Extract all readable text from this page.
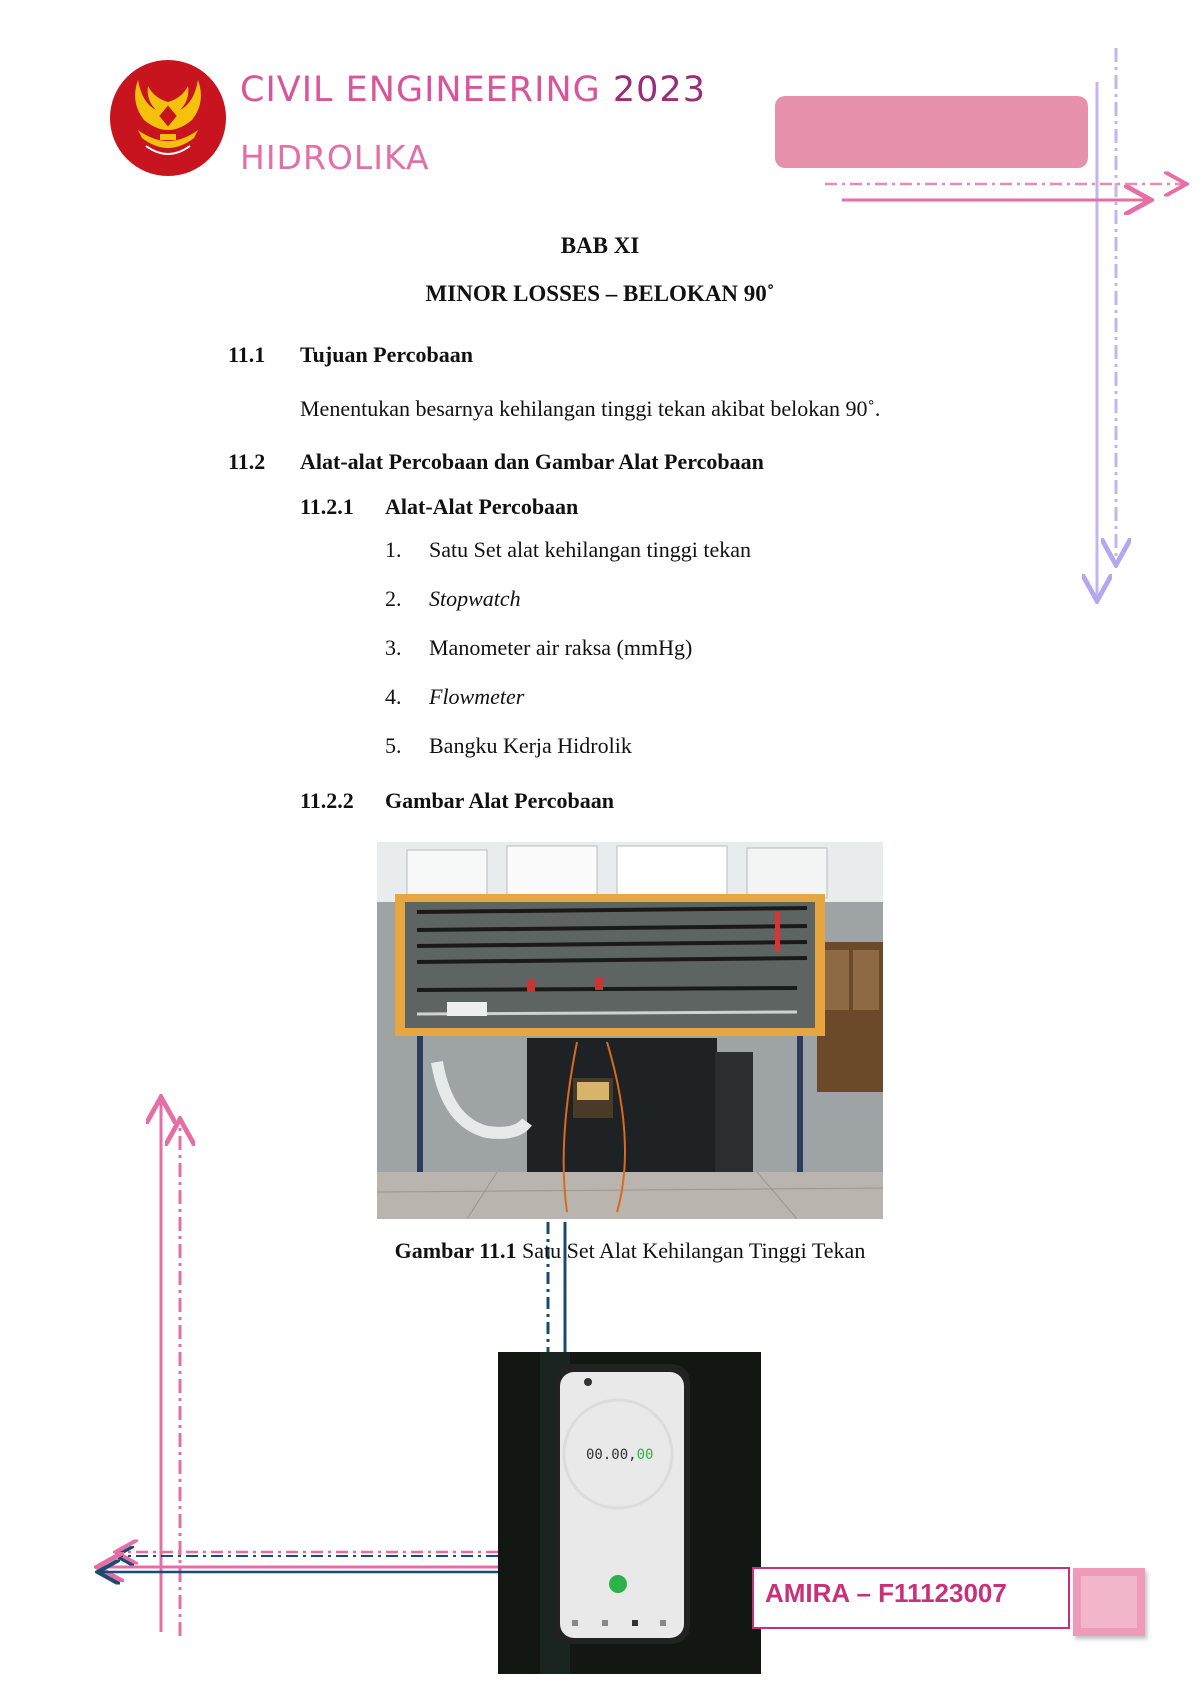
CIVIL ENGINEERING 2023
HIDROLIKA
BAB XI
MINOR LOSSES – BELOKAN 90˚
11.1 Tujuan Percobaan
Menentukan besarnya kehilangan tinggi tekan akibat belokan 90˚.
11.2 Alat-alat Percobaan dan Gambar Alat Percobaan
11.2.1 Alat-Alat Percobaan
1. Satu Set alat kehilangan tinggi tekan
2. Stopwatch
3. Manometer air raksa (mmHg)
4. Flowmeter
5. Bangku Kerja Hidrolik
11.2.2 Gambar Alat Percobaan
Gambar 11.1 Satu Set Alat Kehilangan Tinggi Tekan
00.00,00
AMIRA – F11123007
